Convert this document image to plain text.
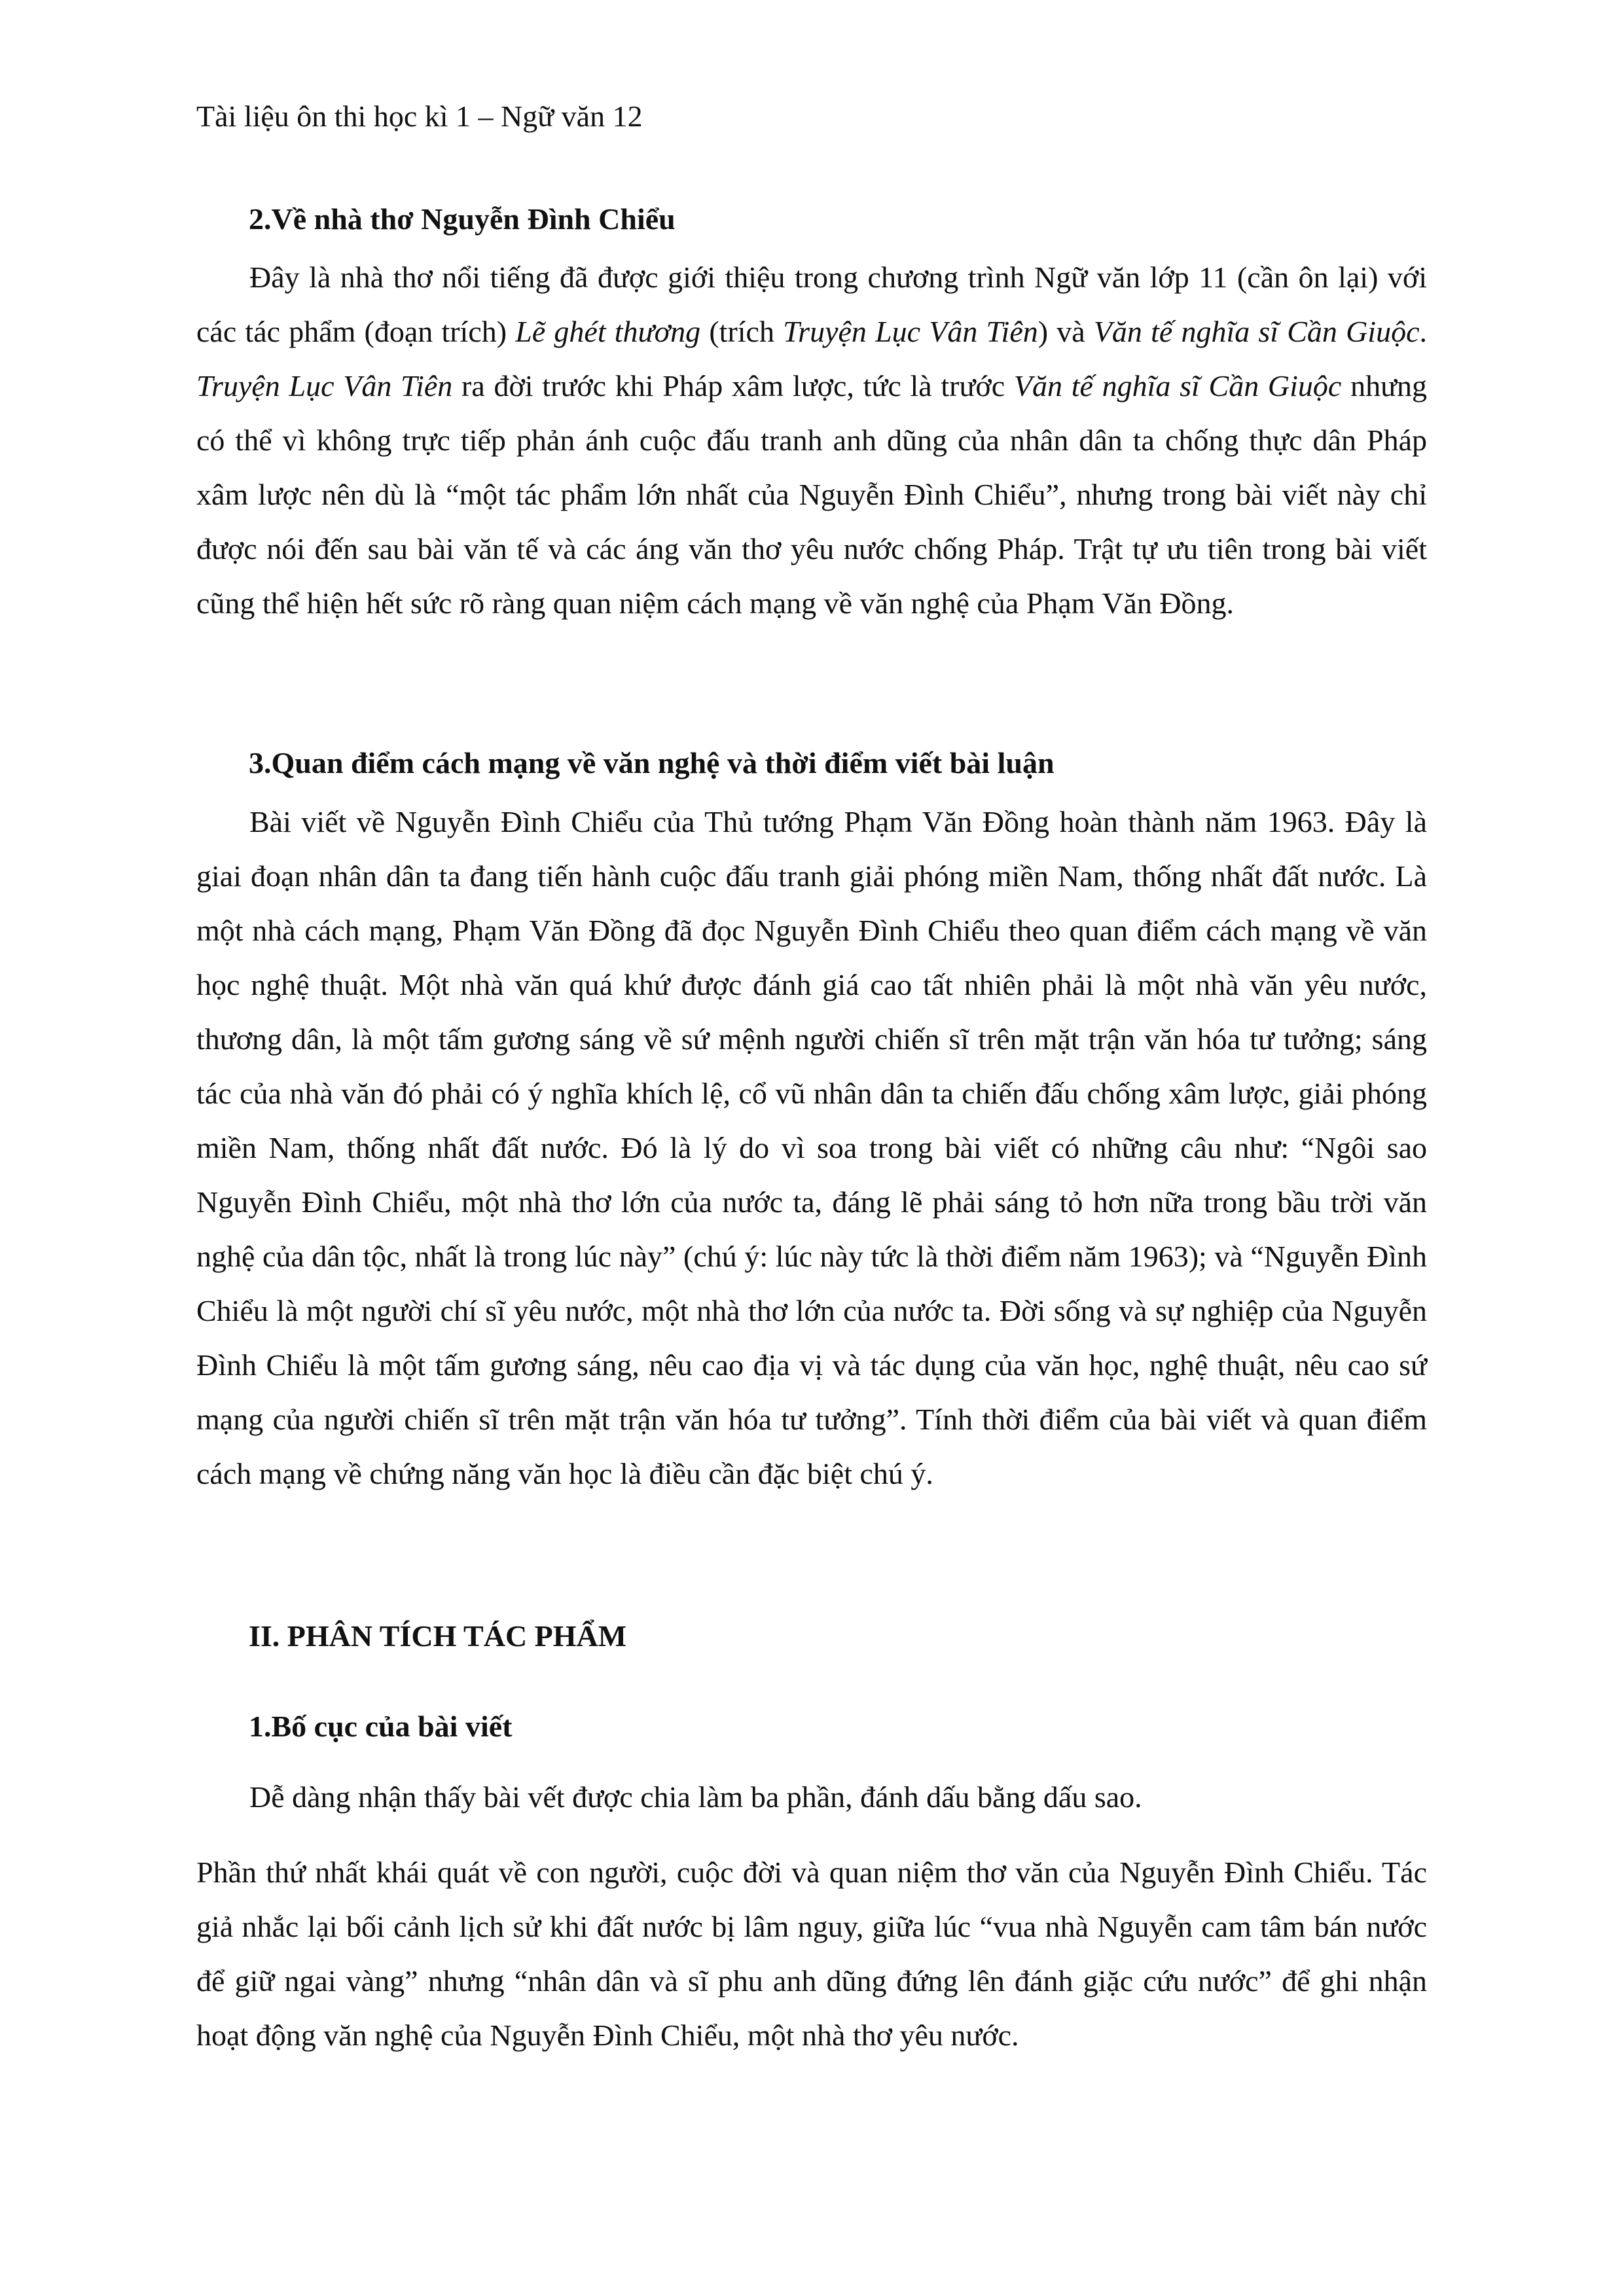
Tài liệu ôn thi học kì 1 – Ngữ văn 12
2.Về nhà thơ Nguyễn Đình Chiểu
Đây là nhà thơ nổi tiếng đã được giới thiệu trong chương trình Ngữ văn lớp 11 (cần ôn lại) với các tác phẩm (đoạn trích) Lẽ ghét thương (trích Truyện Lục Vân Tiên) và Văn tế nghĩa sĩ Cần Giuộc. Truyện Lục Vân Tiên ra đời trước khi Pháp xâm lược, tức là trước Văn tế nghĩa sĩ Cần Giuộc nhưng có thể vì không trực tiếp phản ánh cuộc đấu tranh anh dũng của nhân dân ta chống thực dân Pháp xâm lược nên dù là “một tác phẩm lớn nhất của Nguyễn Đình Chiểu”, nhưng trong bài viết này chỉ được nói đến sau bài văn tế và các áng văn thơ yêu nước chống Pháp. Trật tự ưu tiên trong bài viết cũng thể hiện hết sức rõ ràng quan niệm cách mạng về văn nghệ của Phạm Văn Đồng.
3.Quan điểm cách mạng về văn nghệ và thời điểm viết bài luận
Bài viết về Nguyễn Đình Chiểu của Thủ tướng Phạm Văn Đồng hoàn thành năm 1963. Đây là giai đoạn nhân dân ta đang tiến hành cuộc đấu tranh giải phóng miền Nam, thống nhất đất nước. Là một nhà cách mạng, Phạm Văn Đồng đã đọc Nguyễn Đình Chiểu theo quan điểm cách mạng về văn học nghệ thuật. Một nhà văn quá khứ được đánh giá cao tất nhiên phải là một nhà văn yêu nước, thương dân, là một tấm gương sáng về sứ mệnh người chiến sĩ trên mặt trận văn hóa tư tưởng; sáng tác của nhà văn đó phải có ý nghĩa khích lệ, cổ vũ nhân dân ta chiến đấu chống xâm lược, giải phóng miền Nam, thống nhất đất nước. Đó là lý do vì soa trong bài viết có những câu như: “Ngôi sao Nguyễn Đình Chiểu, một nhà thơ lớn của nước ta, đáng lẽ phải sáng tỏ hơn nữa trong bầu trời văn nghệ của dân tộc, nhất là trong lúc này” (chú ý: lúc này tức là thời điểm năm 1963); và “Nguyễn Đình Chiểu là một người chí sĩ yêu nước, một nhà thơ lớn của nước ta. Đời sống và sự nghiệp của Nguyễn Đình Chiểu là một tấm gương sáng, nêu cao địa vị và tác dụng của văn học, nghệ thuật, nêu cao sứ mạng của người chiến sĩ trên mặt trận văn hóa tư tưởng”. Tính thời điểm của bài viết và quan điểm cách mạng về chứng năng văn học là điều cần đặc biệt chú ý.
II. PHÂN TÍCH TÁC PHẨM
1.Bố cục của bài viết
Dễ dàng nhận thấy bài vết được chia làm ba phần, đánh dấu bằng dấu sao.
Phần thứ nhất khái quát về con người, cuộc đời và quan niệm thơ văn của Nguyễn Đình Chiểu. Tác giả nhắc lại bối cảnh lịch sử khi đất nước bị lâm nguy, giữa lúc “vua nhà Nguyễn cam tâm bán nước để giữ ngai vàng” nhưng “nhân dân và sĩ phu anh dũng đứng lên đánh giặc cứu nước” để ghi nhận hoạt động văn nghệ của Nguyễn Đình Chiểu, một nhà thơ yêu nước.
